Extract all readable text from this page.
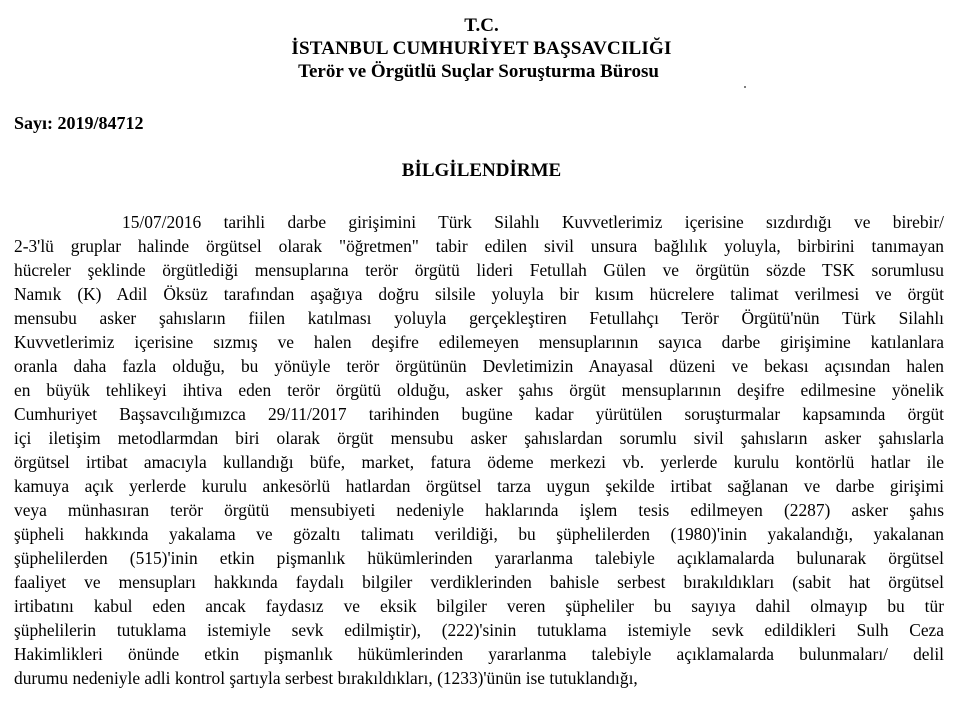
T.C.
İSTANBUL CUMHURİYET BAŞSAVCILIĞI
Terör ve Örgütlü Suçlar Soruşturma Bürosu
Sayı: 2019/84712
BİLGİLENDİRME
15/07/2016 tarihli darbe girişimini Türk Silahlı Kuvvetlerimiz içerisine sızdırdığı ve birebir/
2-3'lü gruplar halinde örgütsel olarak "öğretmen" tabir edilen sivil unsura bağlılık yoluyla, birbirini tanımayan
hücreler şeklinde örgütlediği mensuplarına terör örgütü lideri Fetullah Gülen ve örgütün sözde TSK sorumlusu
Namık (K) Adil Öksüz tarafından aşağıya doğru silsile yoluyla bir kısım hücrelere talimat verilmesi ve örgüt
mensubu asker şahısların fiilen katılması yoluyla gerçekleştiren Fetullahçı Terör Örgütü'nün Türk Silahlı
Kuvvetlerimiz içerisine sızmış ve halen deşifre edilemeyen mensuplarının sayıca darbe girişimine katılanlara
oranla daha fazla olduğu, bu yönüyle terör örgütünün Devletimizin Anayasal düzeni ve bekası açısından halen
en büyük tehlikeyi ihtiva eden terör örgütü olduğu, asker şahıs örgüt mensuplarının deşifre edilmesine yönelik
Cumhuriyet Başsavcılığımızca 29/11/2017 tarihinden bugüne kadar yürütülen soruşturmalar kapsamında örgüt
içi iletişim metodlarmdan biri olarak örgüt mensubu asker şahıslardan sorumlu sivil şahısların asker şahıslarla
örgütsel irtibat amacıyla kullandığı büfe, market, fatura ödeme merkezi vb. yerlerde kurulu kontörlü hatlar ile
kamuya açık yerlerde kurulu ankesörlü hatlardan örgütsel tarza uygun şekilde irtibat sağlanan ve darbe girişimi
veya münhasıran terör örgütü mensubiyeti nedeniyle haklarında işlem tesis edilmeyen (2287) asker şahıs
şüpheli hakkında yakalama ve gözaltı talimatı verildiği, bu şüphelilerden (1980)'inin yakalandığı, yakalanan
şüphelilerden (515)'inin etkin pişmanlık hükümlerinden yararlanma talebiyle açıklamalarda bulunarak örgütsel
faaliyet ve mensupları hakkında faydalı bilgiler verdiklerinden bahisle serbest bırakıldıkları (sabit hat örgütsel
irtibatını kabul eden ancak faydasız ve eksik bilgiler veren şüpheliler bu sayıya dahil olmayıp bu tür
şüphelilerin tutuklama istemiyle sevk edilmiştir), (222)'sinin tutuklama istemiyle sevk edildikleri Sulh Ceza
Hakimlikleri önünde etkin pişmanlık hükümlerinden yararlanma talebiyle açıklamalarda bulunmaları/ delil
durumu nedeniyle adli kontrol şartıyla serbest bırakıldıkları, (1233)'ünün ise tutuklandığı,
